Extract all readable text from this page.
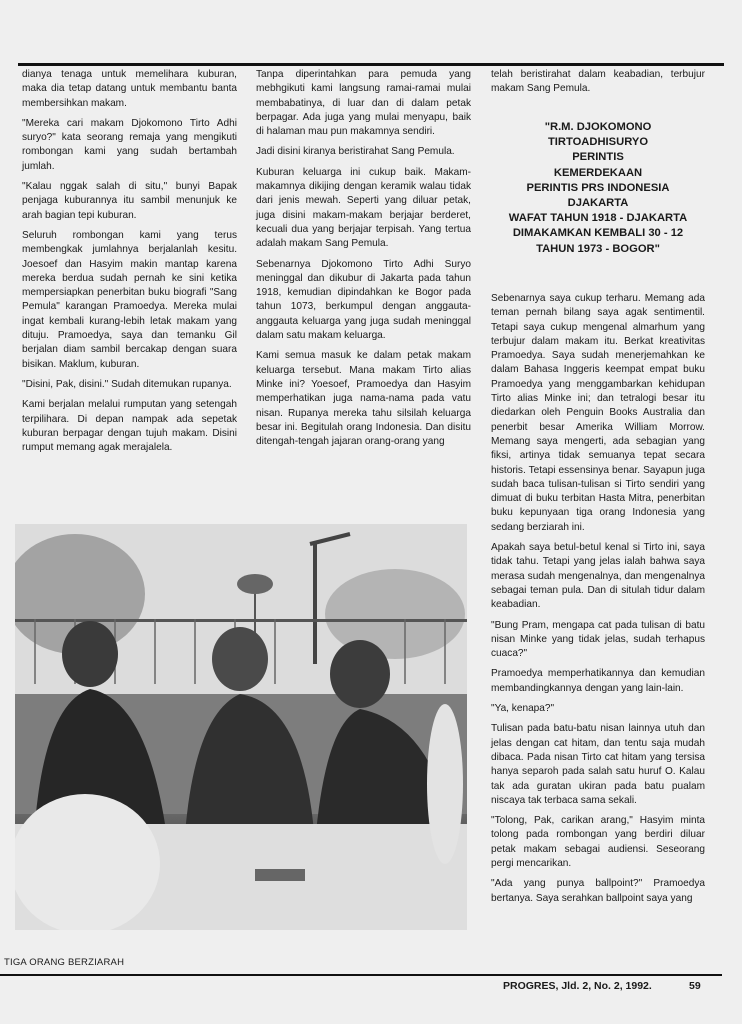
dianya tenaga untuk memelihara kuburan, maka dia tetap datang untuk membantu banta membersihkan makam.

"Mereka cari makam Djokomono Tirto Adhi suryo?" kata seorang remaja yang mengikuti rombongan kami yang sudah bertambah jumlah.

"Kalau nggak salah di situ," bunyi Bapak penjaga kuburannya itu sambil menunjuk ke arah bagian tepi kuburan.

Seluruh rombongan kami yang terus membengkak jumlahnya berjalanlah kesitu. Joesoef dan Hasyim makin mantap karena mereka berdua sudah pernah ke sini ketika mempersiapkan penerbitan buku biografi "Sang Pemula" karangan Pramoedya. Mereka mulai ingat kembali kurang-lebih letak makam yang dituju. Pramoedya, saya dan temanku Gil berjalan diam sambil bercakap dengan suara bisikan. Maklum, kuburan.

"Disini, Pak, disini." Sudah ditemukan rupanya.

Kami berjalan melalui rumputan yang setengah terpilihara. Di depan nampak ada sepetak kuburan berpagar dengan tujuh makam. Disini rumput memang agak merajalela.

Tanpa diperintahkan para pemuda yang mebhgikuti kami langsung ramai-ramai mulai membabatinya, di luar dan di dalam petak berpagar. Ada juga yang mulai menyapu, baik di halaman mau pun makamnya sendiri.

Jadi disini kiranya beristirahat Sang Pemula.

Kuburan keluarga ini cukup baik. Makam-makamnya dikijing dengan keramik walau tidak dari jenis mewah. Seperti yang diluar petak, juga disini makam-makam berjajar berderet, kecuali dua yang berjajar terpisah. Yang tertua adalah makam Sang Pemula.

Sebenarnya Djokomono Tirto Adhi Suryo meninggal dan dikubur di Jakarta pada tahun 1918, kemudian dipindahkan ke Bogor pada tahun 1073, berkumpul dengan anggauta-anggauta keluarga yang juga sudah meninggal dalam satu makam keluarga.

Kami semua masuk ke dalam petak makam keluarga tersebut. Mana makam Tirto alias Minke ini? Yoesoef, Pramoedya dan Hasyim memperhatikan juga nama-nama pada vatu nisan. Rupanya mereka tahu silsilah keluarga besar ini. Begitulah orang Indonesia. Dan disitu ditengah-tengah jajaran orang-orang yang

telah beristirahat dalam keabadian, terbujur makam Sang Pemula.

"R.M. DJOKOMONO
TIRTOADHISURYO
PERINTIS
KEMERDEKAAN
PERINTIS PRS INDONESIA
DJAKARTA
WAFAT TAHUN 1918 - DJAKARTA
DIMAKAMKAN KEMBALI 30 - 12
TAHUN 1973 - BOGOR"

Sebenarnya saya cukup terharu. Memang ada teman pernah bilang saya agak sentimentil. Tetapi saya cukup mengenal almarhum yang terbujur dalam makam itu. Berkat kreativitas Pramoedya. Saya sudah menerjemahkan ke dalam Bahasa Inggeris keempat empat buku Pramoedya yang menggambarkan kehidupan Tirto alias Minke ini; dan tetralogi besar itu diedarkan oleh Penguin Books Australia dan penerbit besar Amerika William Morrow. Memang saya mengerti, ada sebagian yang fiksi, artinya tidak semuanya tepat secara historis. Tetapi essensinya benar. Sayapun juga sudah baca tulisan-tulisan si Tirto sendiri yang dimuat di buku terbitan Hasta Mitra, penerbitan buku kepunyaan tiga orang Indonesia yang sedang berziarah ini.

Apakah saya betul-betul kenal si Tirto ini, saya tidak tahu. Tetapi yang jelas ialah bahwa saya merasa sudah mengenalnya, dan mengenalnya sebagai teman pula. Dan di situlah tidur dalam keabadian.

"Bung Pram, mengapa cat pada tulisan di batu nisan Minke yang tidak jelas, sudah terhapus cuaca?"

Pramoedya memperhatikannya dan kemudian membandingkannya dengan yang lain-lain.

"Ya, kenapa?"

Tulisan pada batu-batu nisan lainnya utuh dan jelas dengan cat hitam, dan tentu saja mudah dibaca. Pada nisan Tirto cat hitam yang tersisa hanya separoh pada salah satu huruf O. Kalau tak ada guratan ukiran pada batu pualam niscaya tak terbaca sama sekali.

"Tolong, Pak, carikan arang," Hasyim minta tolong pada rombongan yang berdiri diluar petak makam sebagai audiensi. Seseorang pergi mencarikan.

"Ada yang punya ballpoint?" Pramoedya bertanya. Saya serahkan ballpoint saya yang

TIGA ORANG BERZIARAH
PROGRES, Jld. 2, No. 2, 1992.	59
